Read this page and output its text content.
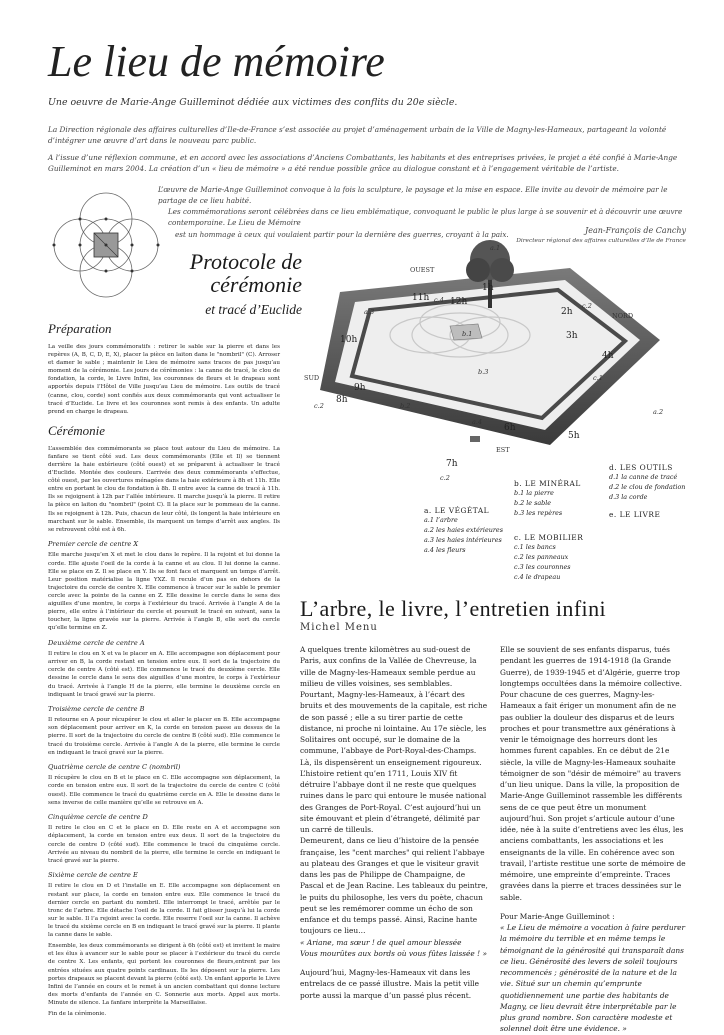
Le lieu de mémoire
Une oeuvre de Marie-Ange Guilleminot dédiée aux victimes des conflits du 20e siècle.

La Direction régionale des affaires culturelles d’Ile-de-France s’est associée au projet d’aménagement urbain de la Ville de Magny-les-Hameaux, partageant la volonté d’intégrer une œuvre d’art dans le nouveau parc public.

A l’issue d’une réflexion commune, et en accord avec les associations d’Anciens Combattants, les habitants et des entreprises privées, le projet a été confié à Marie-Ange Guilleminot en mars 2004. La création d’un « lieu de mémoire » a été rendue possible grâce au dialogue constant et à l’engagement véritable de l’artiste.

L’œuvre de Marie-Ange Guilleminot convoque à la fois la sculpture, le paysage et la mise en espace. Elle invite au devoir de mémoire par le partage de ce lieu habité.

Les commémorations seront célébrées dans ce lieu emblématique, convoquant le public le plus large à se souvenir et à découvrir une œuvre contemporaine. Le Lieu de Mémoire

est un hommage à ceux qui voulaient partir pour la dernière des guerres, croyant à la paix.	Jean-François de Canchy
Directeur régional des affaires culturelles d’Ile de France
Protocole de
cérémonie
et tracé d’Euclide
Préparation

La veille des jours commémoratifs : retirer le sable sur la pierre et dans les repères (A, B, C, D, E, X), placer la pièce en laiton dans le "nombril" (C). Arroser et damer le sable ; maintenir le Lieu de mémoire sans traces de pas jusqu’au moment de la cérémonie. Les jours de cérémonies : la canne de tracé, le clou de fondation, la corde, le Livre Infini, les couronnes de fleurs et le drapeau sont apportés depuis l’Hôtel de Ville jusqu’au Lieu de mémoire. Les outils de tracé (canne, clou, corde) sont confiés aux deux commémorants qui vont actualiser le tracé d’Euclide. Le livre et les couronnes sont remis à des enfants. Un adulte prend en charge le drapeau.

Cérémonie

L’assemblée des commémorants se place tout autour du Lieu de mémoire. La fanfare se tient côté sud. Les deux commémorants (Elle et Il) se tiennent derrière la haie extérieure (côté ouest) et se préparent à actualiser le tracé d’Euclide. Montée des couleurs. L’arrivée des deux commémorants s’effectue, côté ouest, par les ouvertures ménagées dans la haie extérieure à 8h et 11h. Elle entre en portant le clou de fondation à 8h. Il entre avec la canne de tracé à 11h. Ils se rejoignent à 12h par l’allée intérieure. Il marche jusqu’à la pierre. Il retire la pièce en laiton du "nombril" (point C). Il la place sur le pommeau de la canne. Ils se rejoignent à 12h. Puis, chacun de leur côté, ils longent la haie intérieure en marchant sur le sable. Ensemble, ils marquent un temps d’arrêt aux angles. Ils se retrouvent côté est à 6h.

Premier cercle de centre X

Elle marche jusqu’en X et met le clou dans le repère. Il la rejoint et lui donne la corde. Elle ajuste l’oeil de la corde à la canne et au clou. Il lui donne la canne. Elle se place en Z. Il se place en Y. Ils se font face et marquent un temps d’arrêt. Leur position matérialise la ligne YXZ. Il recule d’un pas en dehors de la trajectoire du cercle de centre X. Elle commence à tracer sur le sable le premier cercle avec la pointe de la canne en Z. Elle dessine le cercle dans le sens des aiguilles d’une montre, le corps à l’extérieur du tracé. Arrivée à l’angle A de la pierre, elle entre à l’intérieur du cercle et poursuit le tracé en suivant, sans la toucher, la ligne gravée sur la pierre. Arrivée à l’angle B, elle sort du cercle qu’elle termine en Z.

Deuxième cercle de centre A

Il retire le clou en X et va le placer en A. Elle accompagne son déplacement pour arriver en B, la corde restant en tension entre eux. Il sort de la trajectoire du cercle de centre A (côté est). Elle commence le tracé du deuxième cercle. Elle dessine le cercle dans le sens des aiguilles d’une montre, le corps à l’extérieur du tracé. Arrivée à l’angle H de la pierre, elle termine le deuxième cercle en indiquant le tracé gravé sur la pierre.

Troisième cercle de centre B

Il retourne en A pour récupérer le clou et aller le placer en B. Elle accompagne son déplacement pour arriver en K, la corde en tension passe au dessus de la pierre. Il sort de la trajectoire du cercle de centre B (côté sud). Elle commence le tracé du troisième cercle. Arrivée à l’angle A de la pierre, elle termine le cercle en indiquant le tracé gravé sur la pierre.

Quatrième cercle de centre C (nombril)

Il récupère le clou en B et le place en C. Elle accompagne son déplacement, la corde en tension entre eux. Il sort de la trajectoire du cercle de centre C (côté ouest). Elle commence le tracé du quatrième cercle en A. Elle le dessine dans le sens inverse de celle manière qu’elle se retrouve en A.

Cinquième cercle de centre D

Il retire le clou en C et le place en D. Elle reste en A et accompagne son déplacement, la corde en tension entre eux deux. Il sort de la trajectoire du cercle de centre D (côté sud). Elle commence le tracé du cinquième cercle. Arrivée au niveau du nombril de la pierre, elle termine le cercle en indiquant le tracé gravé sur la pierre.

Sixième cercle de centre E

Il retire le clou en D et l’installe en E. Elle accompagne son déplacement en restant sur place, la corde en tension entre eux. Elle commence le tracé du dernier cercle en partant du nombril. Elle interrompt le tracé, arrêtée par le tronc de l’arbre. Elle détache l’oeil de la corde. Il fait glisser jusqu’à lui la corde sur le sable. Il l’a rejoint avec la corde. Elle reserre l’oeil sur la canne. Il achève le tracé du sixième cercle en B en indiquant le tracé gravé sur la pierre. Il plante la canne dans le sable.

Ensemble, les deux commémorants se dirigent à 6h (côté est) et invitent le maire et les élus à avancer sur le sable pour se placer à l’extérieur du tracé du cercle de centre X. Les enfants, qui portent les couronnes de fleurs,entrent par les entrées situées aux quatre points cardinaux. Ils les déposent sur la pierre. Les portes drapeaux se placent devant la pierre (côté est). Un enfant apporte le Livre Infini de l’année en cours et le remet à un ancien combattant qui donne lecture des morts d’enfants de l’année en C. Sonnerie aux morts. Appel aux morts. Minute de silence. La fanfare interprète la Marseillaise.

Fin de la cérémonie.

1h
11h 12h
2h
3h
4h
10h
9h
8h
6h
5h
7h
OUEST
NORD
SUD
EST
a.1
a.3
c.4
c.2
b.1
b.3
c.1
c.2	b.2
a.2
a.4
c.2
a. LE VÉGÉTAL
a.1 l’arbre
a.2 les haies extérieures
a.3 les haies intérieures
a.4 les fleurs
b. LE MINÉRAL
b.1 la pierre
b.2 le sable
b.3 les repères
c. LE MOBILIER
c.1 les bancs
c.2 les panneaux
c.3 les couronnes
c.4 le drapeau
d. LES OUTILS
d.1 la canne de tracé
d.2 le clou de fondation
d.3 la corde
e. LE LIVRE
L’arbre, le livre, l’entretien infini
Michel Menu

A quelques trente kilomètres au sud-ouest de Paris, aux confins de la Vallée de Chevreuse, la ville de Magny-les-Hameaux semble perdue au milieu de villes voisines, ses semblables. Pourtant, Magny-les-Hameaux, à l’écart des bruits et des mouvements de la capitale, est riche de son passé ; elle a su tirer partie de cette distance, ni proche ni lointaine. Au 17e siècle, les Solitaires ont occupé, sur le domaine de la commune, l’abbaye de Port-Royal-des-Champs. Là, ils dispensèrent un enseignement rigoureux. L’histoire retient qu’en 1711, Louis XIV fit détruire l’abbaye dont il ne reste que quelques ruines dans le parc qui entoure le musée national des Granges de Port-Royal. C’est aujourd’hui un site émouvant et plein d’étrangeté, délimité par un carré de tilleuls.

Demeurent, dans ce lieu d’histoire de la pensée française, les "cent marches" qui relient l’abbaye au plateau des Granges et que le visiteur gravit dans les pas de Philippe de Champaigne, de Pascal et de Jean Racine. Les tableaux du peintre, le puits du philosophe, les vers du poète, chacun peut se les remémorer comme un écho de son enfance et du temps passé. Ainsi, Racine hante toujours ce lieu…

« Ariane, ma sœur ! de quel amour blessée

Vous mourûtes aux bords où vous fûtes laissée ! »

Aujourd’hui, Magny-les-Hameaux vit dans les entrelacs de ce passé illustre. Mais la petit ville porte aussi la marque d’un passé plus récent.

Elle se souvient de ses enfants disparus, tués pendant les guerres de 1914-1918 (la Grande Guerre), de 1939-1945 et d’Algérie, guerre trop longtemps occultées dans la mémoire collective. Pour chacune de ces guerres, Magny-les-Hameaux a fait ériger un monument afin de ne pas oublier la douleur des disparus et de leurs proches et pour transmettre aux générations à venir le témoignage des horreurs dont les hommes furent capables. En ce début de 21e siècle, la ville de Magny-les-Hameaux souhaite témoigner de son "désir de mémoire" au travers d’un lieu unique. Dans la ville, la proposition de Marie-Ange Guilleminot rassemble les différents sens de ce que peut être un monument aujourd’hui. Son projet s’articule autour d’une idée, née à la suite d’entretiens avec les élus, les anciens combattants, les associations et les enseignants de la ville. En cohérence avec son travail, l’artiste restitue une sorte de mémoire de mémoire, une empreinte d’empreinte. Traces gravées dans la pierre et traces dessinées sur le sable.

Pour Marie-Ange Guilleminot :

« Le Lieu de mémoire a vocation à faire perdurer la mémoire du terrible et en même temps le témoignant de la générosité qui transparaît dans ce lieu. Générosité des levers de soleil toujours recommencés ; générosité de la nature et de la vie. Situé sur un chemin qu’emprunte quotidiennement une partie des habitants de Magny, ce lieu devrait être interprétable par le plus grand nombre. Son caractère modeste et solennel doit être une évidence. »
